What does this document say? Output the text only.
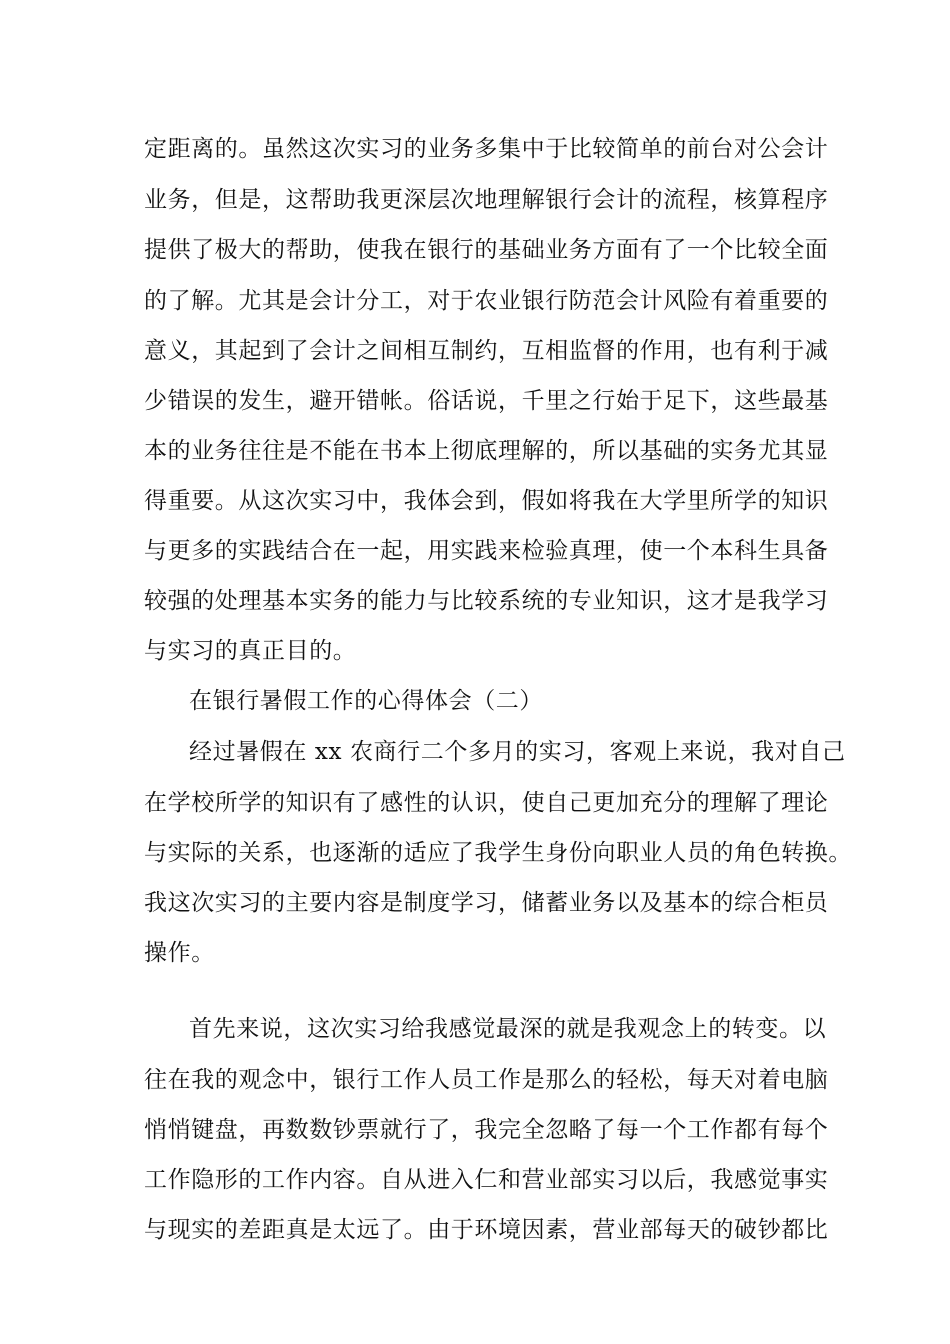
定距离的。虽然这次实习的业务多集中于比较简单的前台对公会计
业务，但是，这帮助我更深层次地理解银行会计的流程，核算程序
提供了极大的帮助，使我在银行的基础业务方面有了一个比较全面
的了解。尤其是会计分工，对于农业银行防范会计风险有着重要的
意义，其起到了会计之间相互制约，互相监督的作用，也有利于减
少错误的发生，避开错帐。俗话说，千里之行始于足下，这些最基
本的业务往往是不能在书本上彻底理解的，所以基础的实务尤其显
得重要。从这次实习中，我体会到，假如将我在大学里所学的知识
与更多的实践结合在一起，用实践来检验真理，使一个本科生具备
较强的处理基本实务的能力与比较系统的专业知识，这才是我学习
与实习的真正目的。
在银行暑假工作的心得体会（二）
经过暑假在 xx 农商行二个多月的实习，客观上来说，我对自己
在学校所学的知识有了感性的认识，使自己更加充分的理解了理论
与实际的关系，也逐渐的适应了我学生身份向职业人员的角色转换。
我这次实习的主要内容是制度学习，储蓄业务以及基本的综合柜员
操作。
首先来说，这次实习给我感觉最深的就是我观念上的转变。以
往在我的观念中，银行工作人员工作是那么的轻松，每天对着电脑
悄悄键盘，再数数钞票就行了，我完全忽略了每一个工作都有每个
工作隐形的工作内容。自从进入仁和营业部实习以后，我感觉事实
与现实的差距真是太远了。由于环境因素，营业部每天的破钞都比
